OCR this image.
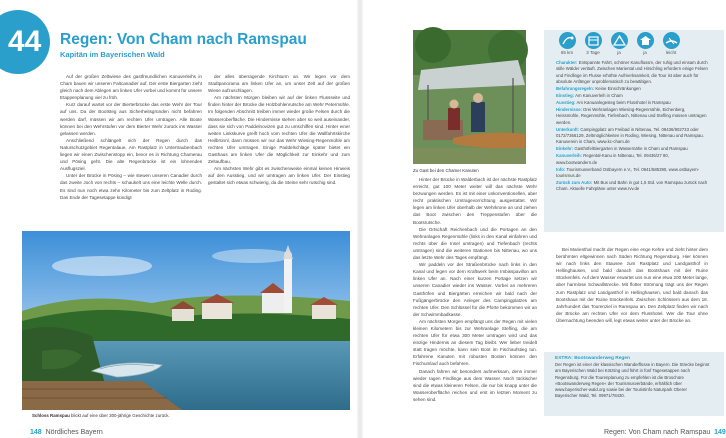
44	Regen: Von Cham nach Ramspau
Kapitän im Bayerischen Wald

Auf der großen Zeltwiese des gastfreundlichen Kanuverleihs in Cham bauen wir unseren Faltcanadier auf. Der erste Biergarten zieht gleich nach dem Ablegen am linken Ufer vorbei und kommt für unsere Etappenplanung viel zu früh.

Kurz darauf wartet vor der Bierterbrücke das erste Wehr der Tour auf uns. Da der Bootsteg aus Sicherheitsgründen nicht befahren werden darf, müssen wir am rechten Ufer umtragen. Alle Boote können bei den Wehrstufen vor dem Bierter Wehr zurück ins Wasser gelassen werden.

Anschließend schlängelt sich der Regen durch das Naturschutzgebiet Regentalaue. Am Rastplatz in Untertraubenbach liegen wir einen Zwischenstopp ein, bevor es in Richtung Chamerau und Pösing geht. Die alte Regenbrücke ist ein lohnendes Ausflugsziel.

Unter der Brücke in Pösing – wie stewen unseren Canadier durch das zweite Joch von rechts – schaukelt uns eine leichte Welle durch. Es sind nun noch etwa zehn Kilometer bis zum Zeltplatz in Roding. Das Ende der Tagesetappe kündigt

der alles überragende Kirchturm an. Wir legen vor dem Stadtpanorama am linken Ufer an, um unser Zelt auf der großen Wiese aufzuschlagen.

Am nächsten Morgen bleiben wir auf der linken Flussseite und finden hinter der Brücke die Holzbohlenrutsche am Wehr Petermühle. Im folgenden Abschnitt treiben immer wieder große Felsen durch die Wasseroberfläche. Die Hindernisse stehen aber so weit auseinander, dass sie sich von Paddelnovizen gut zu umschiffen sind. Hinter einer weiten Linkskurve greift hoch vom rechten Ufer die Wallfahrtskirche Heilbrünnl, dann müssen wir nur das Wehr Wiesing-Regenmühle am rechten Ufer umtragen. Einige Paddelschläge später bietet ein Gasthaus am linken Ufer die Möglichkeit zur Einkehr und zum Zeltaufbau.

Am nächsten Wehr gibt es zwischenweise einmal keinen Hinweis auf den Ausstieg, und wir umtragen am linken Ufer. Der Einstieg gestaltet sich etwas schwierig, da die Steine sehr rutschig sind.

Schloss Ramspau blickt auf eine über 300-jährige Geschichte zurück.
148 Nördliches Bayern
Zu Gast bei den Chamer Kanuten
65 km	3 Tage	ja	ja	leicht

Charakter: Entspannte Fahrt, schöner Kanuflussm, der ruhig und einsam durch stille Wälder verläuft. Zwischen Mariental und Hirschling erfordern einige Felsen und Findlinge im Flusse erhöhte Aufmerksamkeit, die Tour ist aber auch für absolute Anfänger unproblematisch zu bewältigen.

Befahrungsregeln: Keine Einschränkungen

Einstieg: Am Kanuverleih in Cham

Ausstieg: Am Kanuanlegesteg beim Flusshotel in Ramspau

Hindernisse: Drei Wehranlagen Wiesing-Regenmühle, Eichenberg, Heissmühle, Regenmühle, Tiefenbach, Nittenau und Stefling müssen umtragen werden.

Unterkunft: Campingplatz am Freibad in Nittenau, Tel. 09436/902733 oder 0172/7366129, Zeltmöglichkeiten in Roding, Wiesing, Nittenau und Ramspau. Kanuverein in Cham, www.kc-cham.de

Einkehr: Gasthöfe/Biergarten in Wassernähe in Cham und Ramspau

Kanuverleih: Regental-Kanu in Nittenau, Tel. 09436/27 80, www.bootwandern.de

Info: Tourismusverband Ostbayern e.V., Tel. 0941/585390, www.ostbayern-tourismus.de

Zurück zum Auto: Mit Bus und Bahn in gut 1,5 Std. von Ramspau zurück nach Cham. Aktuelle Fahrpläne unter www.rvv.de

Hinter der Brücke in Walderbach ist der nächste Rastplatz erreicht, gut 100 Meter weiter will das nächste Wehr bezwungen werden. Es ist mit einer unkonventionellen, aber recht praktischen Umtragevorrichtung ausgestattet. Wir legen am linken Ufer oberhalb der Wehrkrone an und ziehen das Boot zwischen den Treppenstufen über die Bootsrutsche.

Die Ortschaft Reichenbach und die Portagen an den Wehranlagen Regenmühle (links in den Kanal einfahren und rechts über die Insel umtragen) und Tiefenbach (rechts umtragen) sind die weiteren Stationen bis Nittenau, wo uns das letzte Wehr des Tages empfängt.

Wir paddeln vor der Straßenbrücke nach links in den Kanal und legen vor dem Kraftwerk beim Imbisspavillon am linken Ufer an. Nach einer kurzen Portage setzen wir unseren Canadier wieder ins Wasser. Vorbei an mehreren Gasthöfen und Biergärten erreichen wir bald nach der Fußgängerbrücke den Anleger des Campingplatzes am rechten Ufer. Den Schlüssel für die Pforte bekommen wir an der Schwimmbadkasse.

Am nächsten Morgen empfängt uns der Regen mit vielen kleinen Kilometern bis zur Wehranlage Stefling, die am rechten Ufer für etwa 300 Meter umtragen wird und das einzige Hindernis an diesem Tag bleibt. Wer lieber treidelt statt tragen möchte, kann sein Boot im Fischaufstieg tun. Erfahrene Kanuten mit robusten Booten können den Fischumlauf auch befahren.

Danach fahren wir besonders aufmerksam, denn immer wieder ragen Findlinge aus dem Wasser. Noch tückischer sind die etwas kleineren Felsen, die nur bis knapp unter die Wasseroberfläche reichen und erst im letzten Moment zu sehen sind.

Bei Marienthal macht der Regen eine enge Kehre und zieht hinter dem berühmten eltgewinnen nach Süden Richtung Regensburg. Hier können wir nach links den Stausee zum Rastplatz und Landgasthof in Hellinghausen, und bald danach das Bootshaus mit der Ruine Stockenfels. Auf dem Wasser erwartet uns nun eine etwa 200 Meter lange, aber harmlose Schwallstrecke. Mit flotter Strömung trägt uns der Regen zum Rastplatz und Landgasthof in Hellinghausen, und bald danach das Bootshaus mit der Ruine Stockenfels. Zwischen Schlössern aus dem 18. Jahrhundert das Tourenziel in Ramspau an. Den Zeltplatz finden wir nach der Brücke am rechten Ufer vor dem Flusshotel. Wer die Tour ohne Übernachtung beenden will, legt etwas weiter unter der Brücke an.

EXTRA: Bootswanderweg Regen
Der Regen ist einer der klassischen Wanderflüsse in Bayern. Die Strecke beginnt am Bayerischen Wald bei Kötzting und führt in fünf Tagesetappen nach Regensburg. Für die Tourenplanung zu empfehlen ist die Broschüre »Bootswanderweg Regen« der Tourismusverbände, erhältlich über www.bayerischer-wald.org sowie bei der Touristinfo Naturpark Oberer Bayerischer Wald, Tel. 09971/78430.
Regen: Von Cham nach Ramspau 149
